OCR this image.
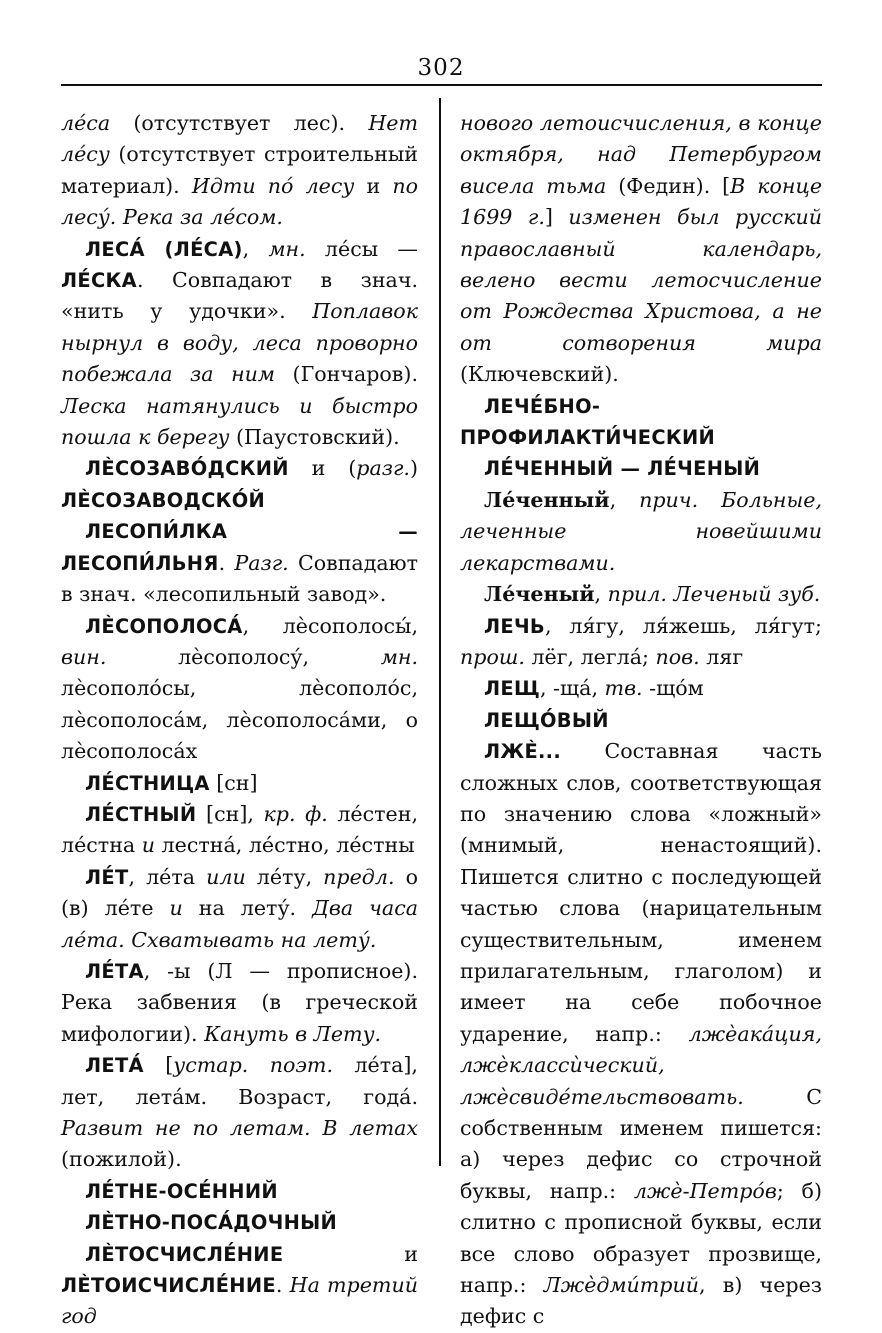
302

ле́са (отсутствует лес). Нет ле́су (отсутствует строительный материал). Идти по́ лесу и по лесу́. Река за ле́сом.

ЛЕСА́ (ЛЕ́СА), мн. ле́сы — ЛЕ́СКА. Совпадают в знач. «нить у удочки». Поплавок нырнул в воду, леса проворно побежала за ним (Гончаров). Леска натянулись и быстро пошла к берегу (Паустовский).

ЛЀСОЗАВО́ДСКИЙ и (разг.) ЛЀСОЗАВОДСКО́Й

ЛЕСОПИ́ЛКА — ЛЕСОПИ́ЛЬНЯ. Разг. Совпадают в знач. «лесопильный завод».

ЛЀСОПОЛОСА́, лѐсополосы́, вин. лѐсополосу́, мн. лѐсополо́сы, лѐсополо́с, лѐсополоса́м, лѐсополоса́ми, о лѐсополоса́х

ЛЕ́СТНИЦА [сн]

ЛЕ́СТНЫЙ [сн], кр. ф. ле́стен, ле́стна и лестна́, ле́стно, ле́стны

ЛЕ́Т, ле́та или ле́ту, предл. о (в) ле́те и на лету́. Два часа ле́та. Схватывать на лету́.

ЛЕ́ТА, -ы (Л — прописное). Река забвения (в греческой мифологии). Кануть в Лету.

ЛЕТА́ [устар. поэт. ле́та], лет, лета́м. Возраст, года́. Развит не по летам. В летах (пожилой).

ЛЕ́ТНЕ-ОСЕ́ННИЙ

ЛЀТНО-ПОСА́ДОЧНЫЙ

ЛЀТОСЧИСЛЕ́НИЕ и ЛЀТОИСЧИСЛЕ́НИЕ. На третий год

нового летоисчисления, в конце октября, над Петербургом висела тьма (Федин). [В конце 1699 г.] изменен был русский православный календарь, велено вести летосчисление от Рождества Христова, а не от сотворения мира (Ключевский).

ЛЕЧЕ́БНО-ПРОФИЛАКТИ́ЧЕСКИЙ

ЛЕ́ЧЕННЫЙ — ЛЕ́ЧЕНЫЙ

Ле́ченный, прич. Больные, леченные новейшими лекарствами.

Ле́ченый, прил. Леченый зуб.

ЛЕЧЬ, ля́гу, ля́жешь, ля́гут; прош. лёг, легла́; пов. ляг

ЛЕЩ, -ща́, тв. -що́м

ЛЕЩО́ВЫЙ

ЛЖЀ... Составная часть сложных слов, соответствующая по значению слова «ложный» (мнимый, ненастоящий). Пишется слитно с последующей частью слова (нарицательным существительным, именем прилагательным, глаголом) и имеет на себе побочное ударение, напр.: лжѐака́ция, лжѐклассѝческий, лжѐсвиде́тельствовать. С собственным именем пишется: а) через дефис со строчной буквы, напр.: лжѐ-Петро́в; б) слитно с прописной буквы, если все слово образует прозвище, напр.: Лжѐдми́трий, в) через дефис с
